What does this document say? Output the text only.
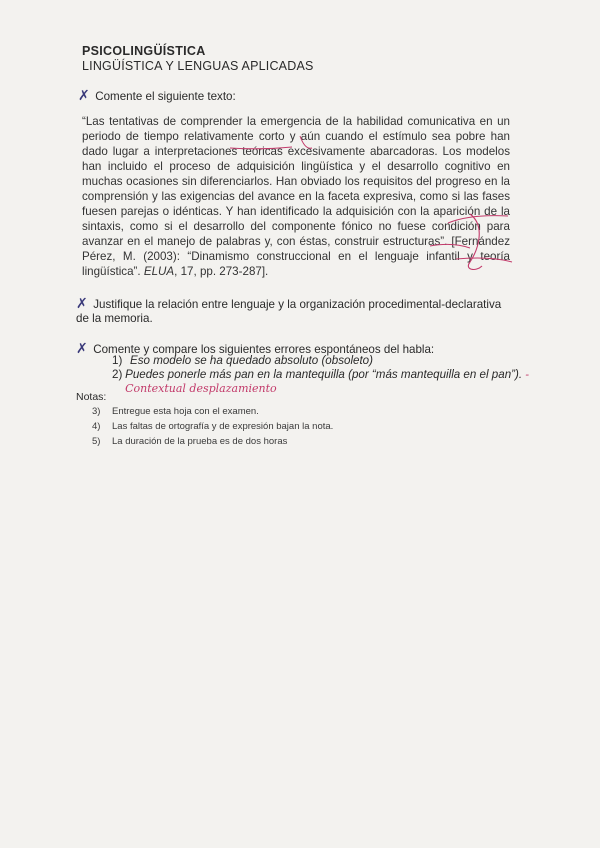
PSICOLINGÜÍSTICA
LINGÜÍSTICA Y LENGUAS APLICADAS
✗ Comente el siguiente texto:
“Las tentativas de comprender la emergencia de la habilidad comunicativa en un periodo de tiempo relativamente corto y aún cuando el estímulo sea pobre han dado lugar a interpretaciones teóricas excesivamente abarcadoras. Los modelos han incluido el proceso de adquisición lingüística y el desarrollo cognitivo en muchas ocasiones sin diferenciarlos. Han obviado los requisitos del progreso en la comprensión y las exigencias del avance en la faceta expresiva, como si las fases fuesen parejas o idénticas. Y han identificado la adquisición con la aparición de la sintaxis, como si el desarrollo del componente fónico no fuese condición para avanzar en el manejo de palabras y, con éstas, construir estructuras”. [Fernández Pérez, M. (2003): “Dinamismo construccional en el lenguaje infantil y teoría lingüística”. ELUA, 17, pp. 273-287].
✗ Justifique la relación entre lenguaje y la organización procedimental-declarativa de la memoria.
✗ Comente y compare los siguientes errores espontáneos del habla:
1) Eso modelo se ha quedado absoluto (obsoleto)
2) Puedes ponerle más pan en la mantequilla (por “más mantequilla en el pan”). - Contextual desplazamiento
Notas:
3) Entregue esta hoja con el examen.
4) Las faltas de ortografía y de expresión bajan la nota.
5) La duración de la prueba es de dos horas
